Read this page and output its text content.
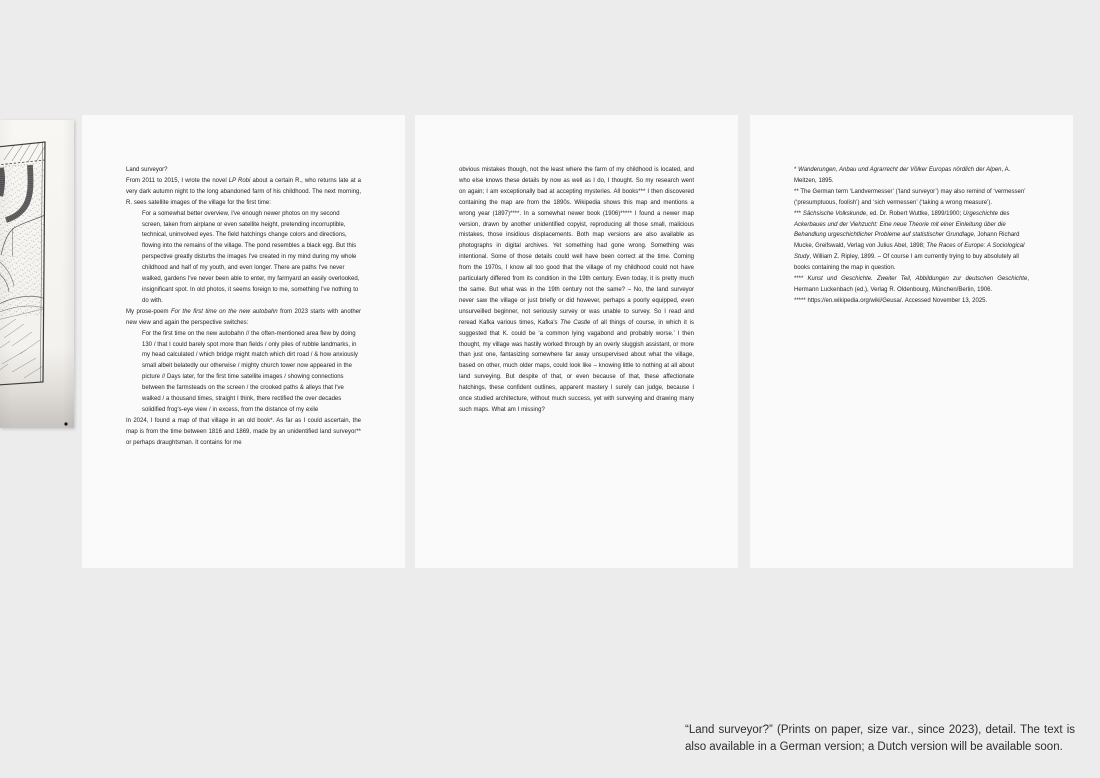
Land surveyor?

From 2011 to 2015, I wrote the novel LP Robi about a certain R., who returns late at a very dark autumn night to the long abandoned farm of his childhood. The next morning, R. sees satellite images of the village for the first time:

For a somewhat better overview, I've enough newer photos on my second screen, taken from airplane or even satellite height, pretending incorruptible, technical, uninvolved eyes. The field hatchings change colors and directions, flowing into the remains of the village. The pond resembles a black egg. But this perspective greatly disturbs the images I've created in my mind during my whole childhood and half of my youth, and even longer. There are paths I've never walked, gardens I've never been able to enter, my farmyard an easily overlooked, insignificant spot. In old photos, it seems foreign to me, something I've nothing to do with.

My prose-poem For the first time on the new autobahn from 2023 starts with another new view and again the perspective switches:

For the first time on the new autobahn // the often-mentioned area flew by doing 130 / that I could barely spot more than fields / only piles of rubble landmarks, in my head calculated / which bridge might match which dirt road / & how anxiously small albeit belatedly our otherwise / mighty church tower now appeared in the picture // Days later, for the first time satellite images / showing connections between the farmsteads on the screen / the crooked paths & alleys that I've walked / a thousand times, straight I think, there rectified the over decades solidified frog's-eye view / in excess, from the distance of my exile

In 2024, I found a map of that village in an old book*. As far as I could ascertain, the map is from the time between 1816 and 1869, made by an unidentified land surveyor** or perhaps draughtsman. It contains for me

obvious mistakes though, not the least where the farm of my childhood is located, and who else knows these details by now as well as I do, I thought. So my research went on again; I am exceptionally bad at accepting mysteries. All books*** I then discovered containing the map are from the 1890s. Wikipedia shows this map and mentions a wrong year (1897)****. In a somewhat newer book (1906)***** I found a newer map version, drawn by another unidentified copyist, reproducing all those small, malicious mistakes, those insidious displacements. Both map versions are also available as photographs in digital archives. Yet something had gone wrong. Something was intentional. Some of those details could well have been correct at the time. Coming from the 1970s, I know all too good that the village of my childhood could not have particularly differed from its condition in the 19th century. Even today, it is pretty much the same. But what was in the 19th century not the same? – No, the land surveyor never saw the village or just briefly or did however, perhaps a poorly equipped, even unsurveilled beginner, not seriously survey or was unable to survey. So I read and reread Kafka various times, Kafka's The Castle of all things of course, in which it is suggested that K. could be ‘a common lying vagabond and probably worse.’ I then thought, my village was hastily worked through by an overly sluggish assistant, or more than just one, fantasizing somewhere far away unsupervised about what the village, based on other, much older maps, could look like – knowing little to nothing at all about land surveying. But despite of that, or even because of that, these affectionate hatchings, these confident outlines, apparent mastery I surely can judge, because I once studied architecture, without much success, yet with surveying and drawing many such maps. What am I missing?

* Wanderungen, Anbau und Agrarrecht der Völker Europas nördlich der Alpen, A. Meitzen, 1895.

** The German term ‘Landvermesser’ (‘land surveyor’) may also remind of ‘vermessen’ (‘presumptuous, foolish’) and ‘sich vermessen’ (‘taking a wrong measure’).

*** Sächsische Volkskunde, ed. Dr. Robert Wuttke, 1899/1900; Urgeschichte des Ackerbaues und der Viehzucht: Eine neue Theorie mit einer Einleitung über die Behandlung urgeschichtlicher Probleme auf statistischer Grundlage, Johann Richard Mucke, Greifswald, Verlag von Julius Abel, 1898; The Races of Europe: A Sociological Study, William Z. Ripley, 1899. – Of course I am currently trying to buy absolutely all books containing the map in question.

**** Kunst und Geschichte. Zweiter Teil, Abbildungen zur deutschen Geschichte, Hermann Luckenbach (ed.), Verlag R. Oldenbourg, München/Berlin, 1906.

***** https://en.wikipedia.org/wiki/Geusa/. Accessed November 13, 2025.

“Land surveyor?” (Prints on paper, size var., since 2023), detail. The text is also available in a German version; a Dutch version will be available soon.
